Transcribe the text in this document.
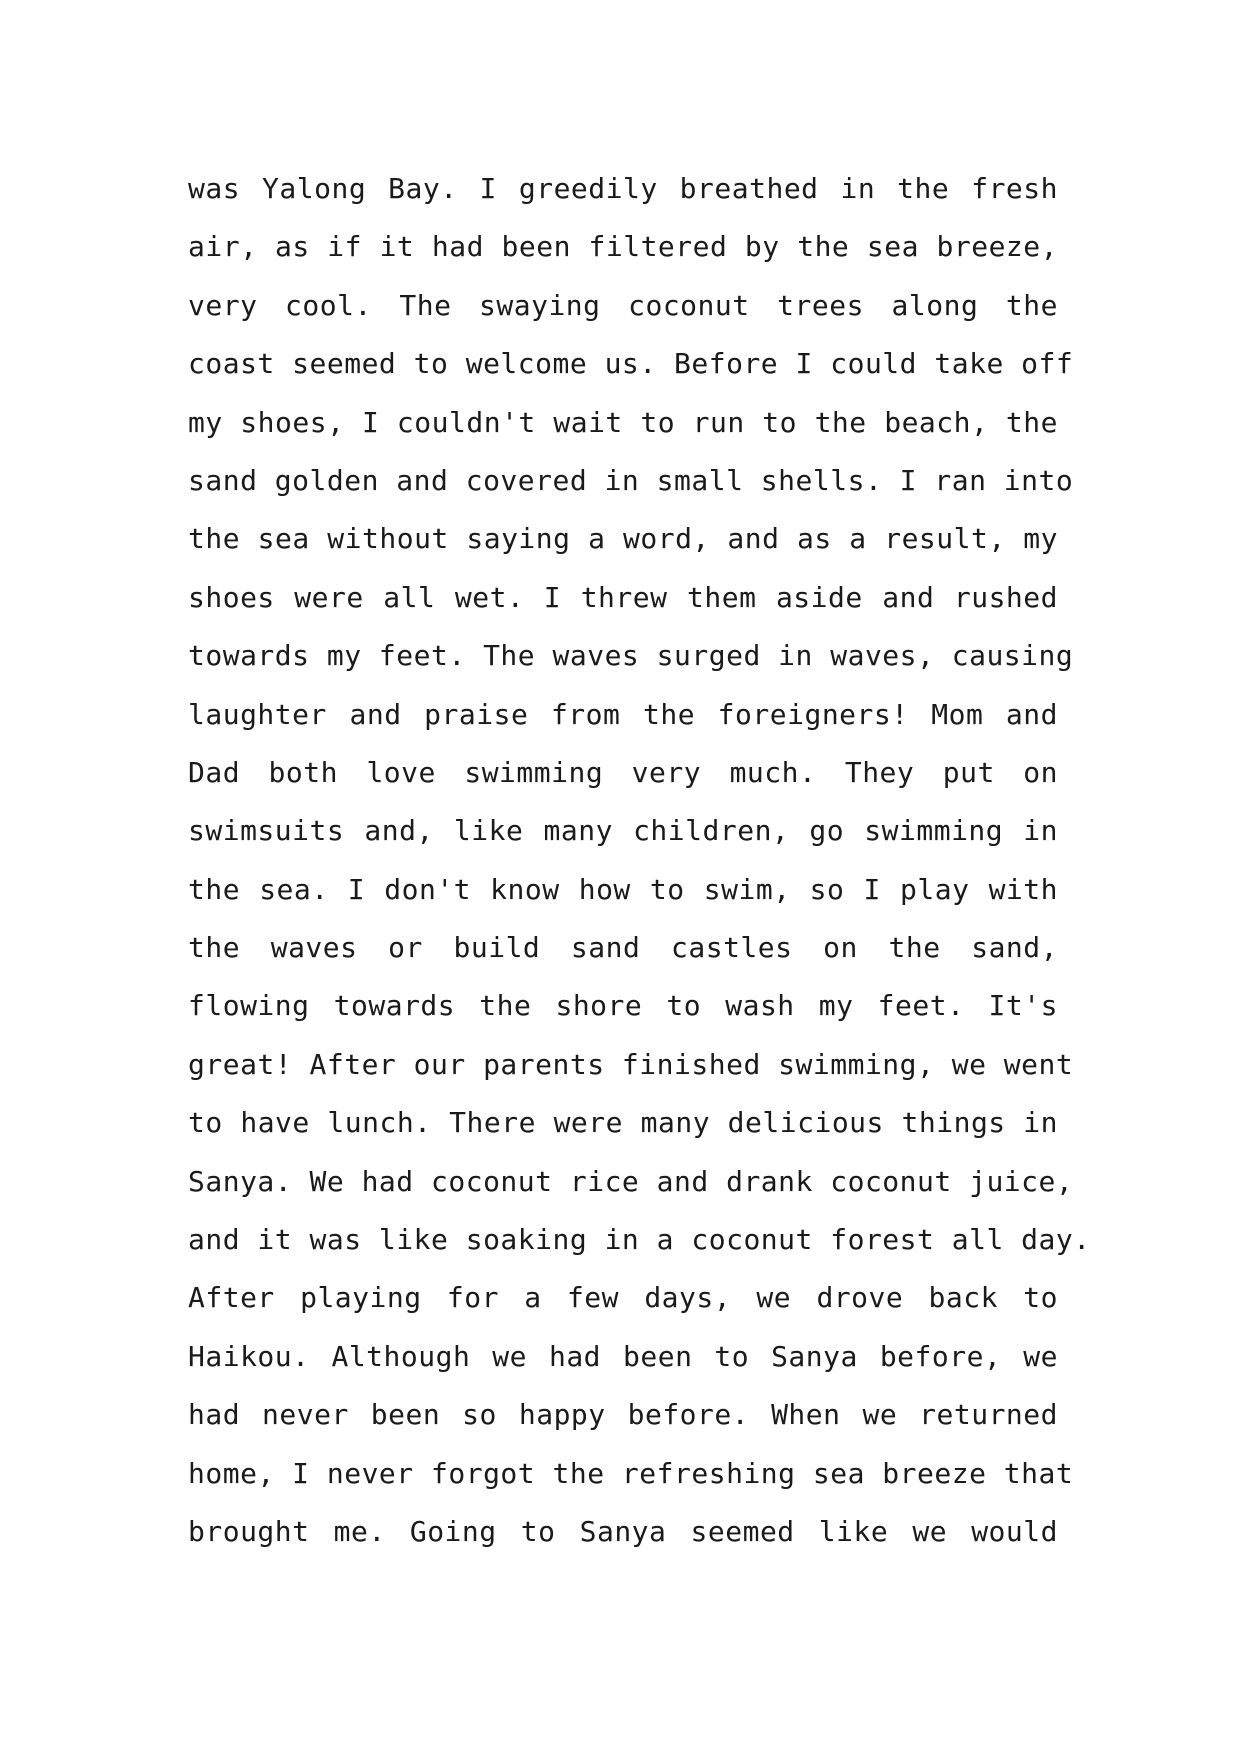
was Yalong Bay. I greedily breathed in the fresh
air, as if it had been filtered by the sea breeze,
very cool. The swaying coconut trees along the
coast seemed to welcome us. Before I could take off
my shoes, I couldn't wait to run to the beach, the
sand golden and covered in small shells. I ran into
the sea without saying a word, and as a result, my
shoes were all wet. I threw them aside and rushed
towards my feet. The waves surged in waves, causing
laughter and praise from the foreigners! Mom and
Dad both love swimming very much. They put on
swimsuits and, like many children, go swimming in
the sea. I don't know how to swim, so I play with
the waves or build sand castles on the sand,
flowing towards the shore to wash my feet. It's
great! After our parents finished swimming, we went
to have lunch. There were many delicious things in
Sanya. We had coconut rice and drank coconut juice,
and it was like soaking in a coconut forest all day.
After playing for a few days, we drove back to
Haikou. Although we had been to Sanya before, we
had never been so happy before. When we returned
home, I never forgot the refreshing sea breeze that
brought me. Going to Sanya seemed like we would
